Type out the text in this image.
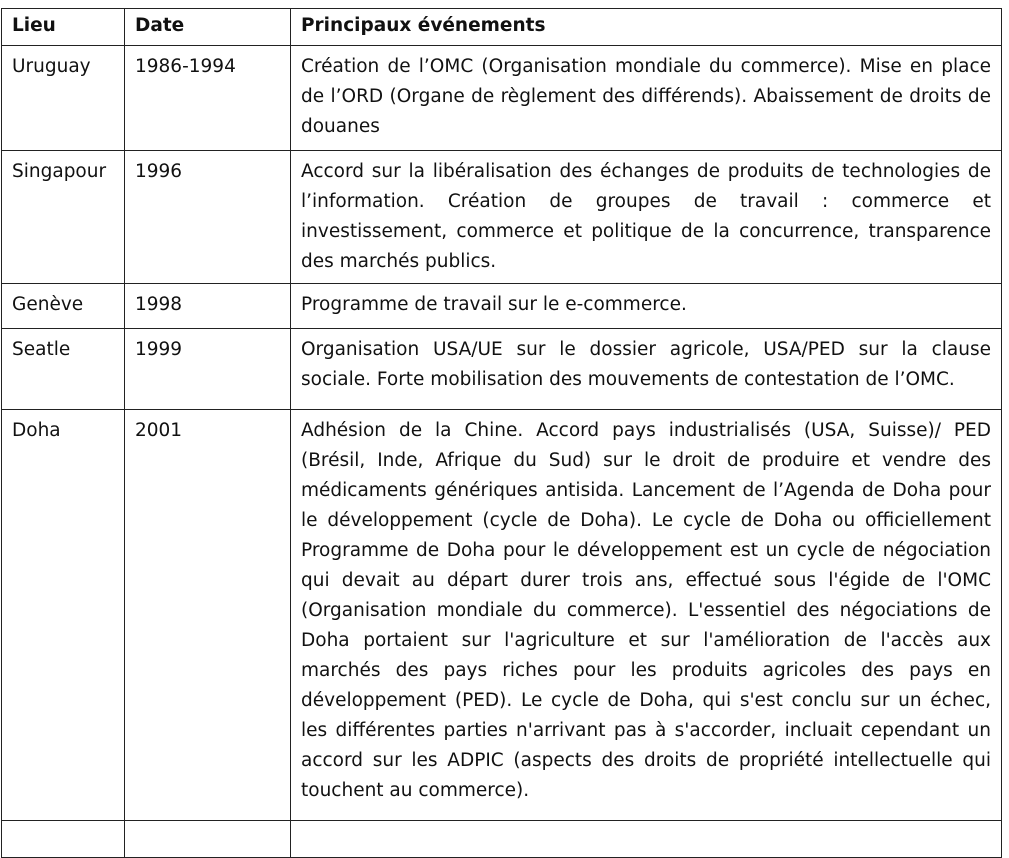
Lieu	Date	Principaux événements
Uruguay	1986-1994	Création de l’OMC (Organisation mondiale du commerce). Mise en place de l’ORD (Organe de règlement des différends). Abaissement de droits de douanes
Singapour	1996	Accord sur la libéralisation des échanges de produits de technologies de l’information. Création de groupes de travail : commerce et investissement, commerce et politique de la concurrence, transparence des marchés publics.
Genève	1998	Programme de travail sur le e-commerce.
Seatle	1999	Organisation USA/UE sur le dossier agricole, USA/PED sur la clause sociale. Forte mobilisation des mouvements de contestation de l’OMC.
Doha	2001	Adhésion de la Chine. Accord pays industrialisés (USA, Suisse)/ PED (Brésil, Inde, Afrique du Sud) sur le droit de produire et vendre des médicaments génériques antisida. Lancement de l’Agenda de Doha pour le développement (cycle de Doha). Le cycle de Doha ou officiellement Programme de Doha pour le développement est un cycle de négociation qui devait au départ durer trois ans, effectué sous l'égide de l'OMC (Organisation mondiale du commerce). L'essentiel des négociations de Doha portaient sur l'agriculture et sur l'amélioration de l'accès aux marchés des pays riches pour les produits agricoles des pays en développement (PED). Le cycle de Doha, qui s'est conclu sur un échec, les différentes parties n'arrivant pas à s'accorder, incluait cependant un accord sur les ADPIC (aspects des droits de propriété intellectuelle qui touchent au commerce).
